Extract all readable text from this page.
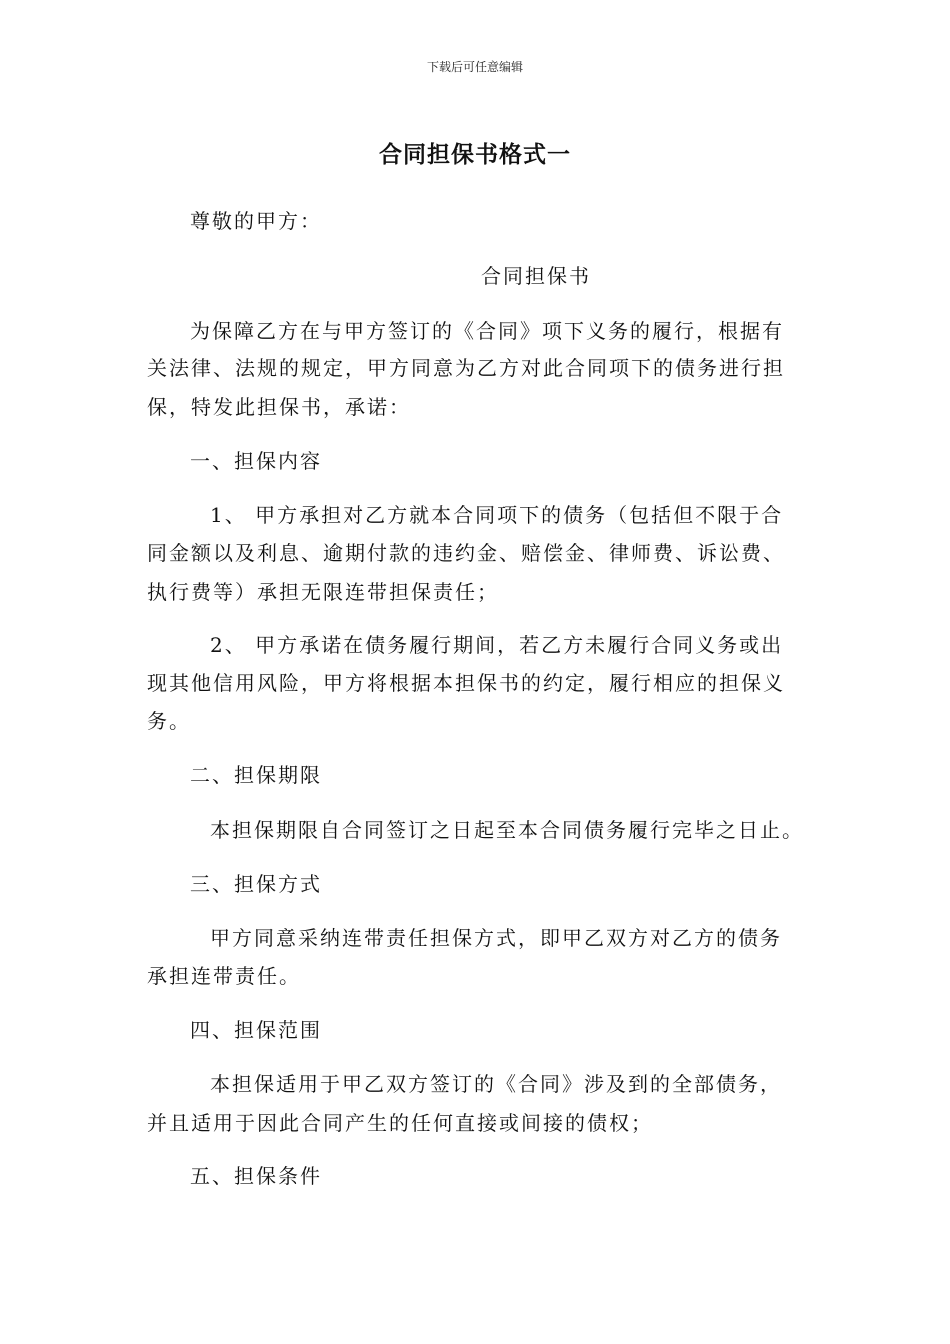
下载后可任意编辑
合同担保书格式一
尊敬的甲方：
合同担保书
为保障乙方在与甲方签订的《合同》项下义务的履行，根据有
关法律、法规的规定，甲方同意为乙方对此合同项下的债务进行担
保，特发此担保书，承诺：
一、担保内容
1、 甲方承担对乙方就本合同项下的债务（包括但不限于合
同金额以及利息、逾期付款的违约金、赔偿金、律师费、诉讼费、
执行费等）承担无限连带担保责任；
2、 甲方承诺在债务履行期间，若乙方未履行合同义务或出
现其他信用风险，甲方将根据本担保书的约定，履行相应的担保义
务。
二、担保期限
本担保期限自合同签订之日起至本合同债务履行完毕之日止。
三、担保方式
甲方同意采纳连带责任担保方式，即甲乙双方对乙方的债务
承担连带责任。
四、担保范围
本担保适用于甲乙双方签订的《合同》涉及到的全部债务，
并且适用于因此合同产生的任何直接或间接的债权；
五、担保条件
